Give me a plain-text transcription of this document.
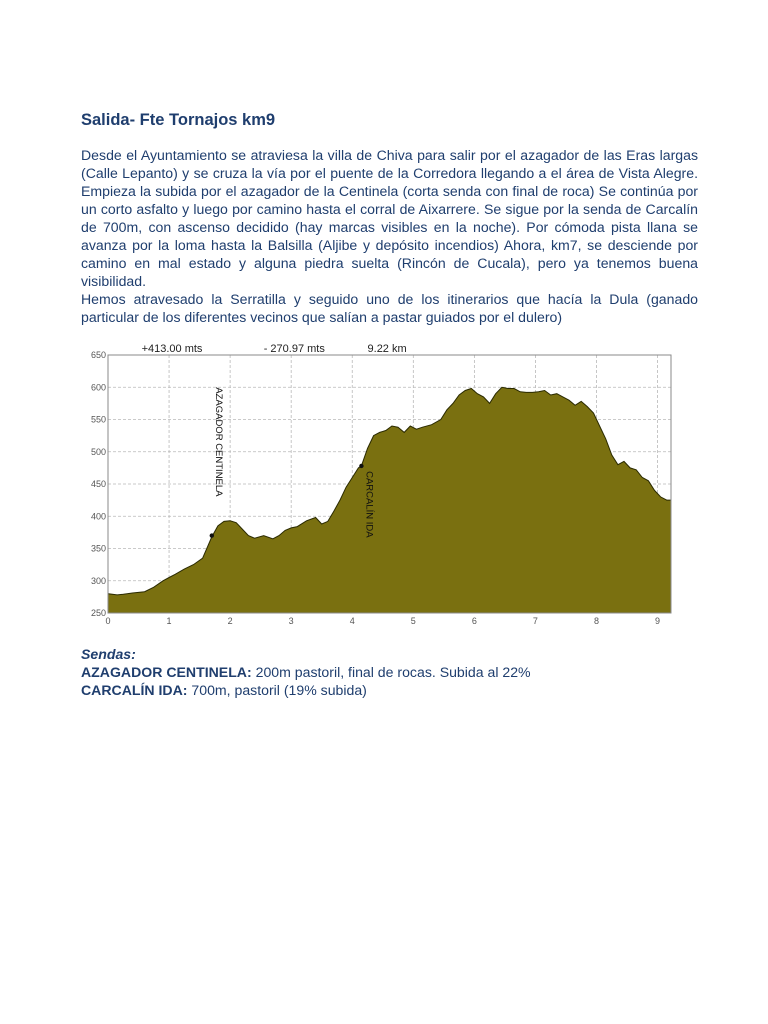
Salida- Fte Tornajos km9

Desde el Ayuntamiento se atraviesa la villa de Chiva para salir por el azagador de las Eras largas (Calle Lepanto) y se cruza la vía por el puente de la Corredora llegando a el área de Vista Alegre. Empieza la subida por el azagador de la Centinela (corta senda con final de roca) Se continúa por un corto asfalto y luego por camino hasta el corral de Aixarrere. Se sigue por la senda de Carcalín de 700m, con ascenso decidido (hay marcas visibles en la noche). Por cómoda pista llana se avanza por la loma hasta la Balsilla (Aljibe y depósito incendios) Ahora, km7, se desciende por camino en mal estado y alguna piedra suelta (Rincón de Cucala), pero ya tenemos buena visibilidad.

Hemos atravesado la Serratilla y seguido uno de los itinerarios que hacía la Dula (ganado particular de los diferentes vecinos que salían a pastar guiados por el dulero)

650
600
550
500
450
400
350
300
250
0	1	2	3	4	5	6	7	8	9
+413.00 mts	- 270.97 mts	9.22 km
AZAGADOR CENTINELA
CARCALÍN IDA
Sendas:
AZAGADOR CENTINELA: 200m pastoril, final de rocas. Subida al 22%
CARCALÍN IDA: 700m, pastoril (19% subida)
